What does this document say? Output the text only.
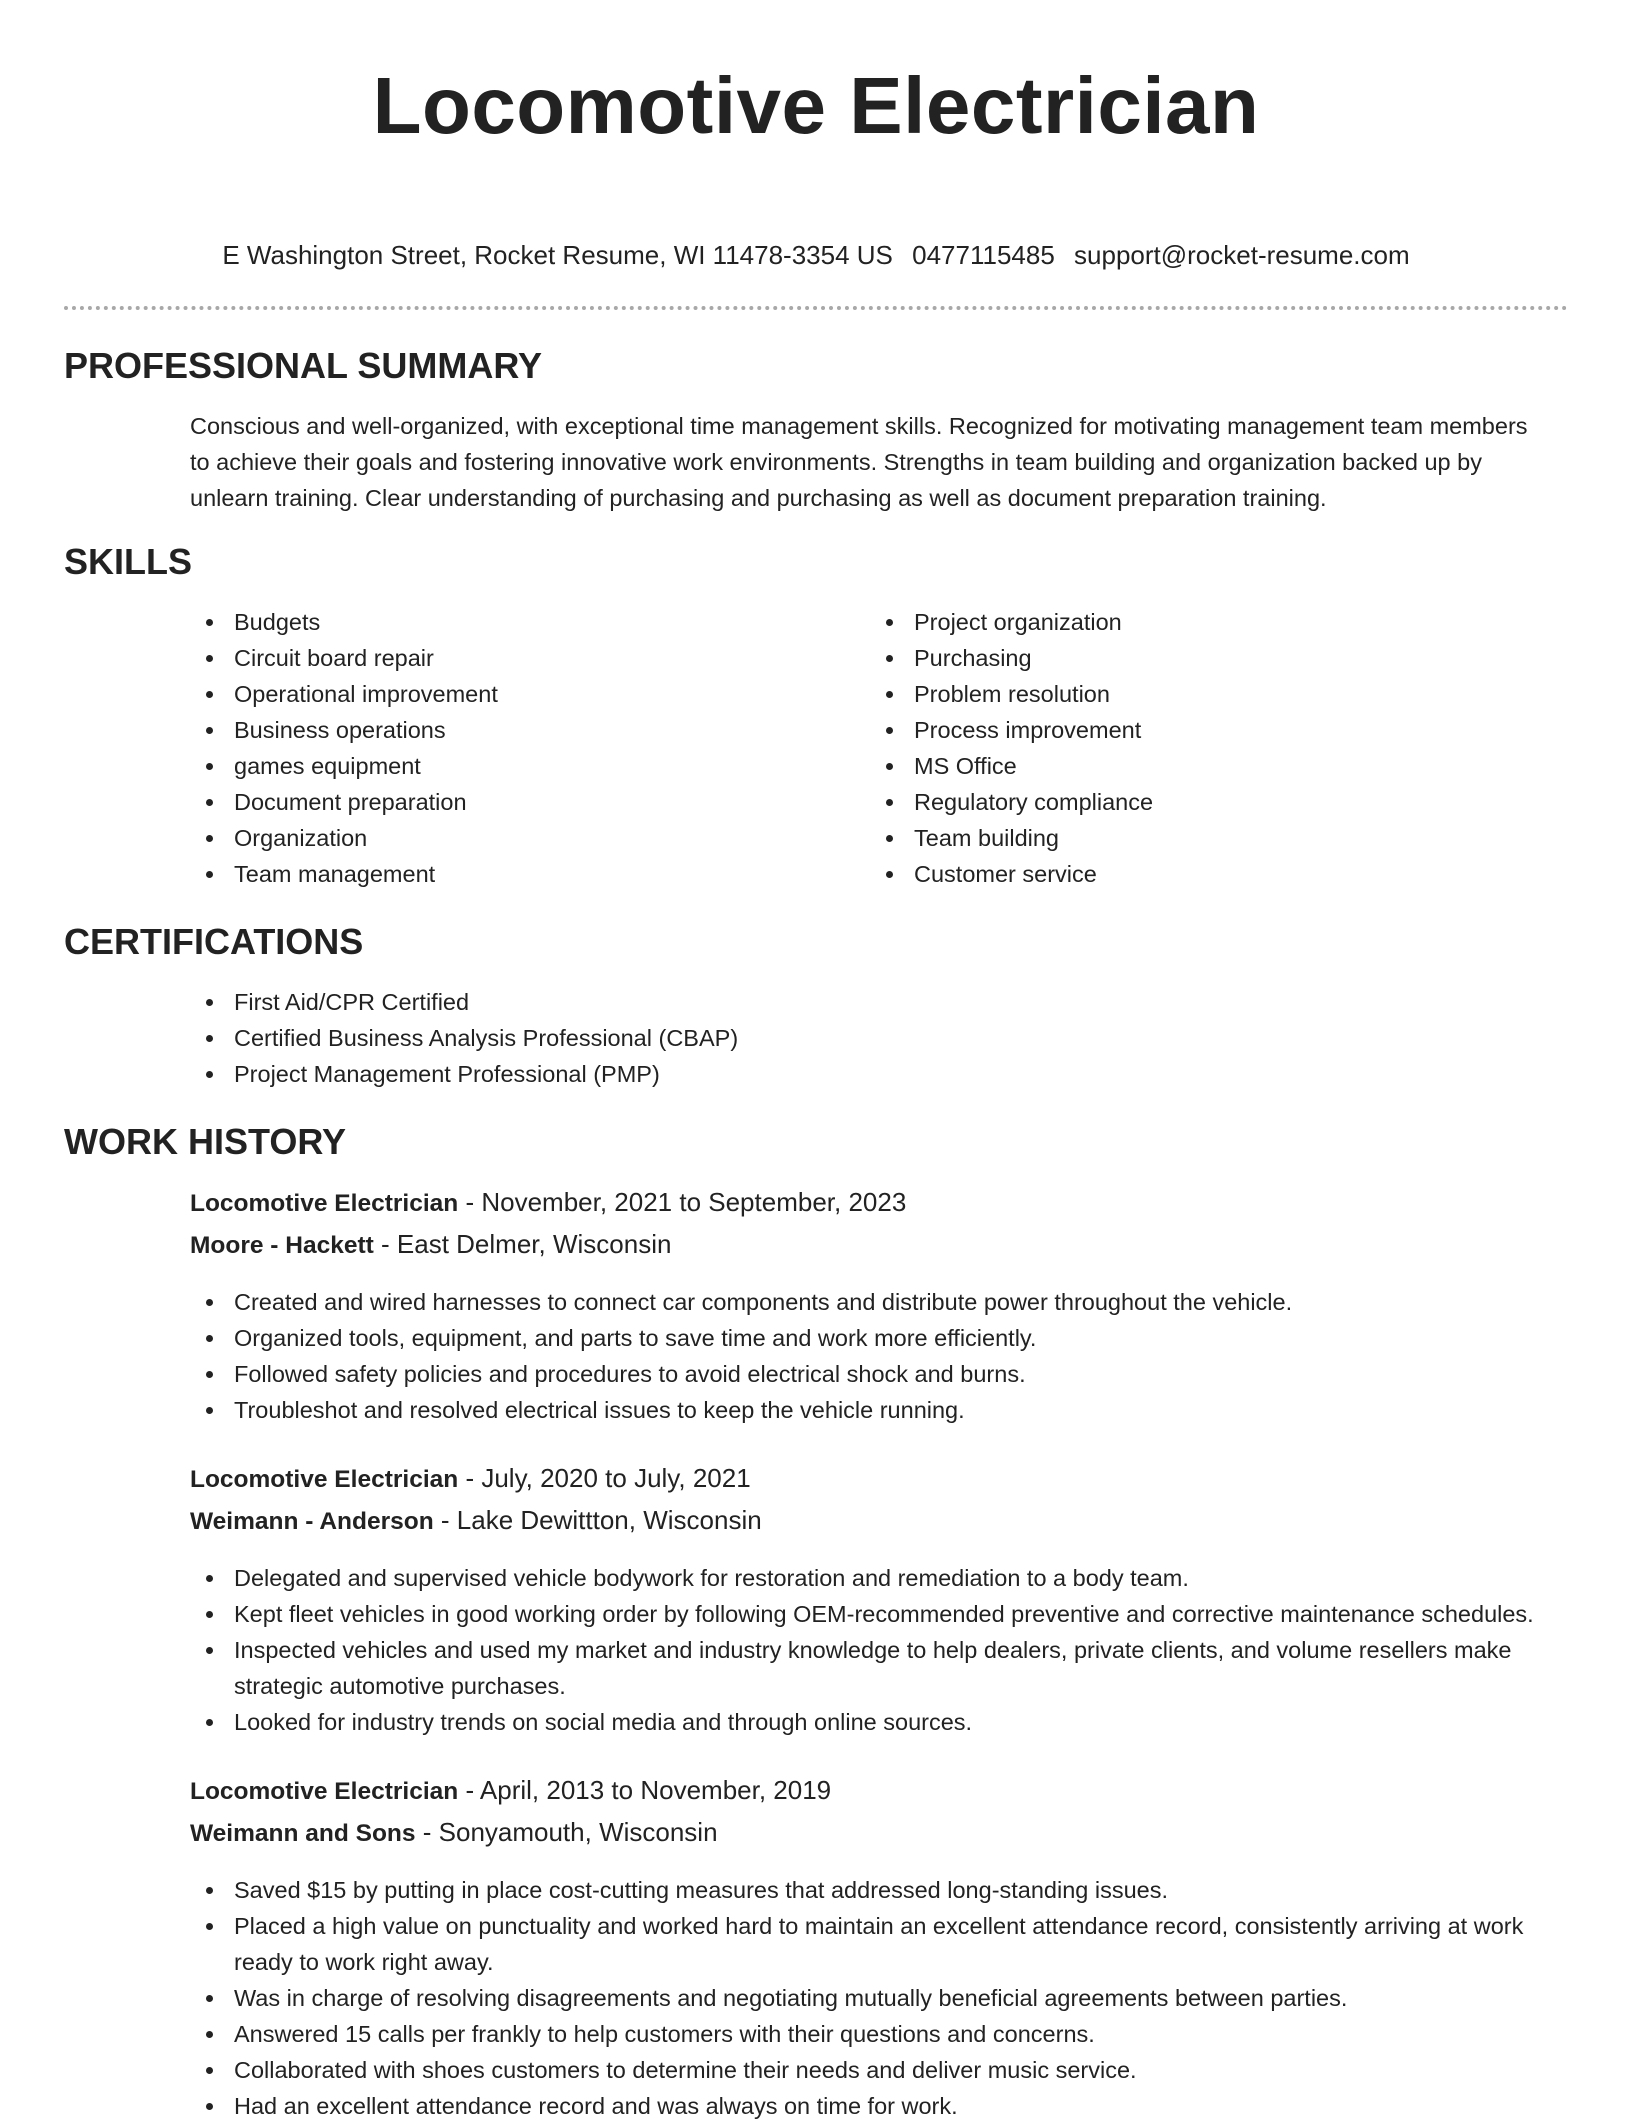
Locomotive Electrician
E Washington Street, Rocket Resume, WI 11478-3354 US 0477115485 support@rocket-resume.com
PROFESSIONAL SUMMARY

Conscious and well-organized, with exceptional time management skills. Recognized for motivating management team members to achieve their goals and fostering innovative work environments. Strengths in team building and organization backed up by unlearn training. Clear understanding of purchasing and purchasing as well as document preparation training.

SKILLS
Budgets
Circuit board repair
Operational improvement
Business operations
games equipment
Document preparation
Organization
Team management
Project organization
Purchasing
Problem resolution
Process improvement
MS Office
Regulatory compliance
Team building
Customer service
CERTIFICATIONS
First Aid/CPR Certified
Certified Business Analysis Professional (CBAP)
Project Management Professional (PMP)
WORK HISTORY
Locomotive Electrician - November, 2021 to September, 2023
Moore - Hackett - East Delmer, Wisconsin
Created and wired harnesses to connect car components and distribute power throughout the vehicle.
Organized tools, equipment, and parts to save time and work more efficiently.
Followed safety policies and procedures to avoid electrical shock and burns.
Troubleshot and resolved electrical issues to keep the vehicle running.
Locomotive Electrician - July, 2020 to July, 2021
Weimann - Anderson - Lake Dewittton, Wisconsin
Delegated and supervised vehicle bodywork for restoration and remediation to a body team.
Kept fleet vehicles in good working order by following OEM-recommended preventive and corrective maintenance schedules.
Inspected vehicles and used my market and industry knowledge to help dealers, private clients, and volume resellers make strategic automotive purchases.
Looked for industry trends on social media and through online sources.
Locomotive Electrician - April, 2013 to November, 2019
Weimann and Sons - Sonyamouth, Wisconsin
Saved $15 by putting in place cost-cutting measures that addressed long-standing issues.
Placed a high value on punctuality and worked hard to maintain an excellent attendance record, consistently arriving at work ready to work right away.
Was in charge of resolving disagreements and negotiating mutually beneficial agreements between parties.
Answered 15 calls per frankly to help customers with their questions and concerns.
Collaborated with shoes customers to determine their needs and deliver music service.
Had an excellent attendance record and was always on time for work.
